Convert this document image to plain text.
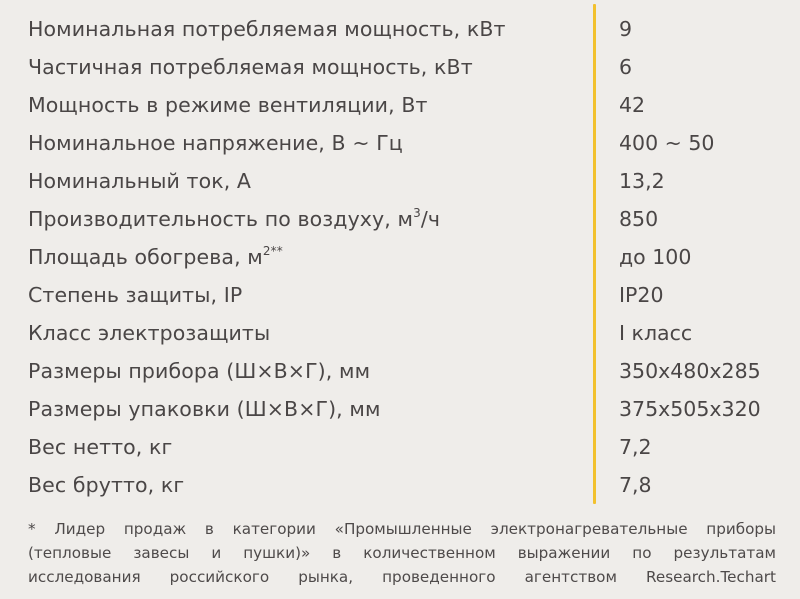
Номинальная потребляемая мощность, кВт	9
Частичная потребляемая мощность, кВт	6
Мощность в режиме вентиляции, Вт	42
Номинальное напряжение, В ~ Гц	400 ~ 50
Номинальный ток, А	13,2
Производительность по воздуху, $м^3/ч$	850
Площадь обогрева, $м^{2**}$	до 100
Степень защиты, IP	IP20
Класс электрозащиты	I класс
Размеры прибора (Ш×В×Г), мм	350x480x285
Размеры упаковки (Ш×В×Г), мм	375x505x320
Вес нетто, кг	7,2
Вес брутто, кг	7,8
* Лидер продаж в категории «Промышленные электронагревательные приборы
(тепловые завесы и пушки)» в количественном выражении по результатам
исследования российского рынка, проведенного агентством Research.Techart
